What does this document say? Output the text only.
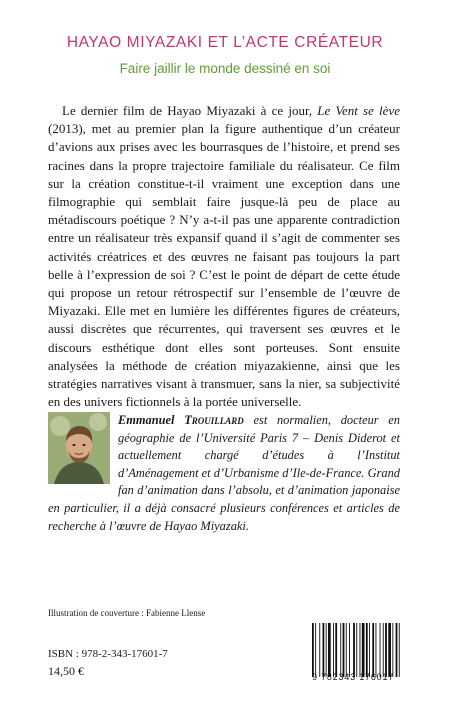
HAYAO MIYAZAKI ET L’ACTE CRÉATEUR

Faire jaillir le monde dessiné en soi

Le dernier film de Hayao Miyazaki à ce jour, Le Vent se lève (2013), met au premier plan la figure authentique d’un créateur d’avions aux prises avec les bourrasques de l’histoire, et prend ses racines dans la propre trajectoire familiale du réalisateur. Ce film sur la création constitue-t-il vraiment une exception dans une filmographie qui semblait faire jusque-là peu de place au métadiscours poétique ? N’y a-t-il pas une apparente contradiction entre un réalisateur très expansif quand il s’agit de commenter ses activités créatrices et des œuvres ne faisant pas toujours la part belle à l’expression de soi ? C’est le point de départ de cette étude qui propose un retour rétrospectif sur l’ensemble de l’œuvre de Miyazaki. Elle met en lumière les différentes figures de créateurs, aussi discrètes que récurrentes, qui traversent ses œuvres et le discours esthétique dont elles sont porteuses. Sont ensuite analysées la méthode de création miyazakienne, ainsi que les stratégies narratives visant à transmuer, sans la nier, sa subjectivité en des univers fictionnels à la portée universelle.

Emmanuel Trouillard est normalien, docteur en géographie de l’Université Paris 7 – Denis Diderot et actuellement chargé d’études à l’Institut d’Aménagement et d’Urbanisme d’Ile-de-France. Grand fan d’animation dans l’absolu, et d’animation japonaise en particulier, il a déjà consacré plusieurs conférences et articles de recherche à l’œuvre de Hayao Miyazaki.

Illustration de couverture : Fabienne Llense

ISBN : 978-2-343-17601-7

14,50 €	9 782343 176017
